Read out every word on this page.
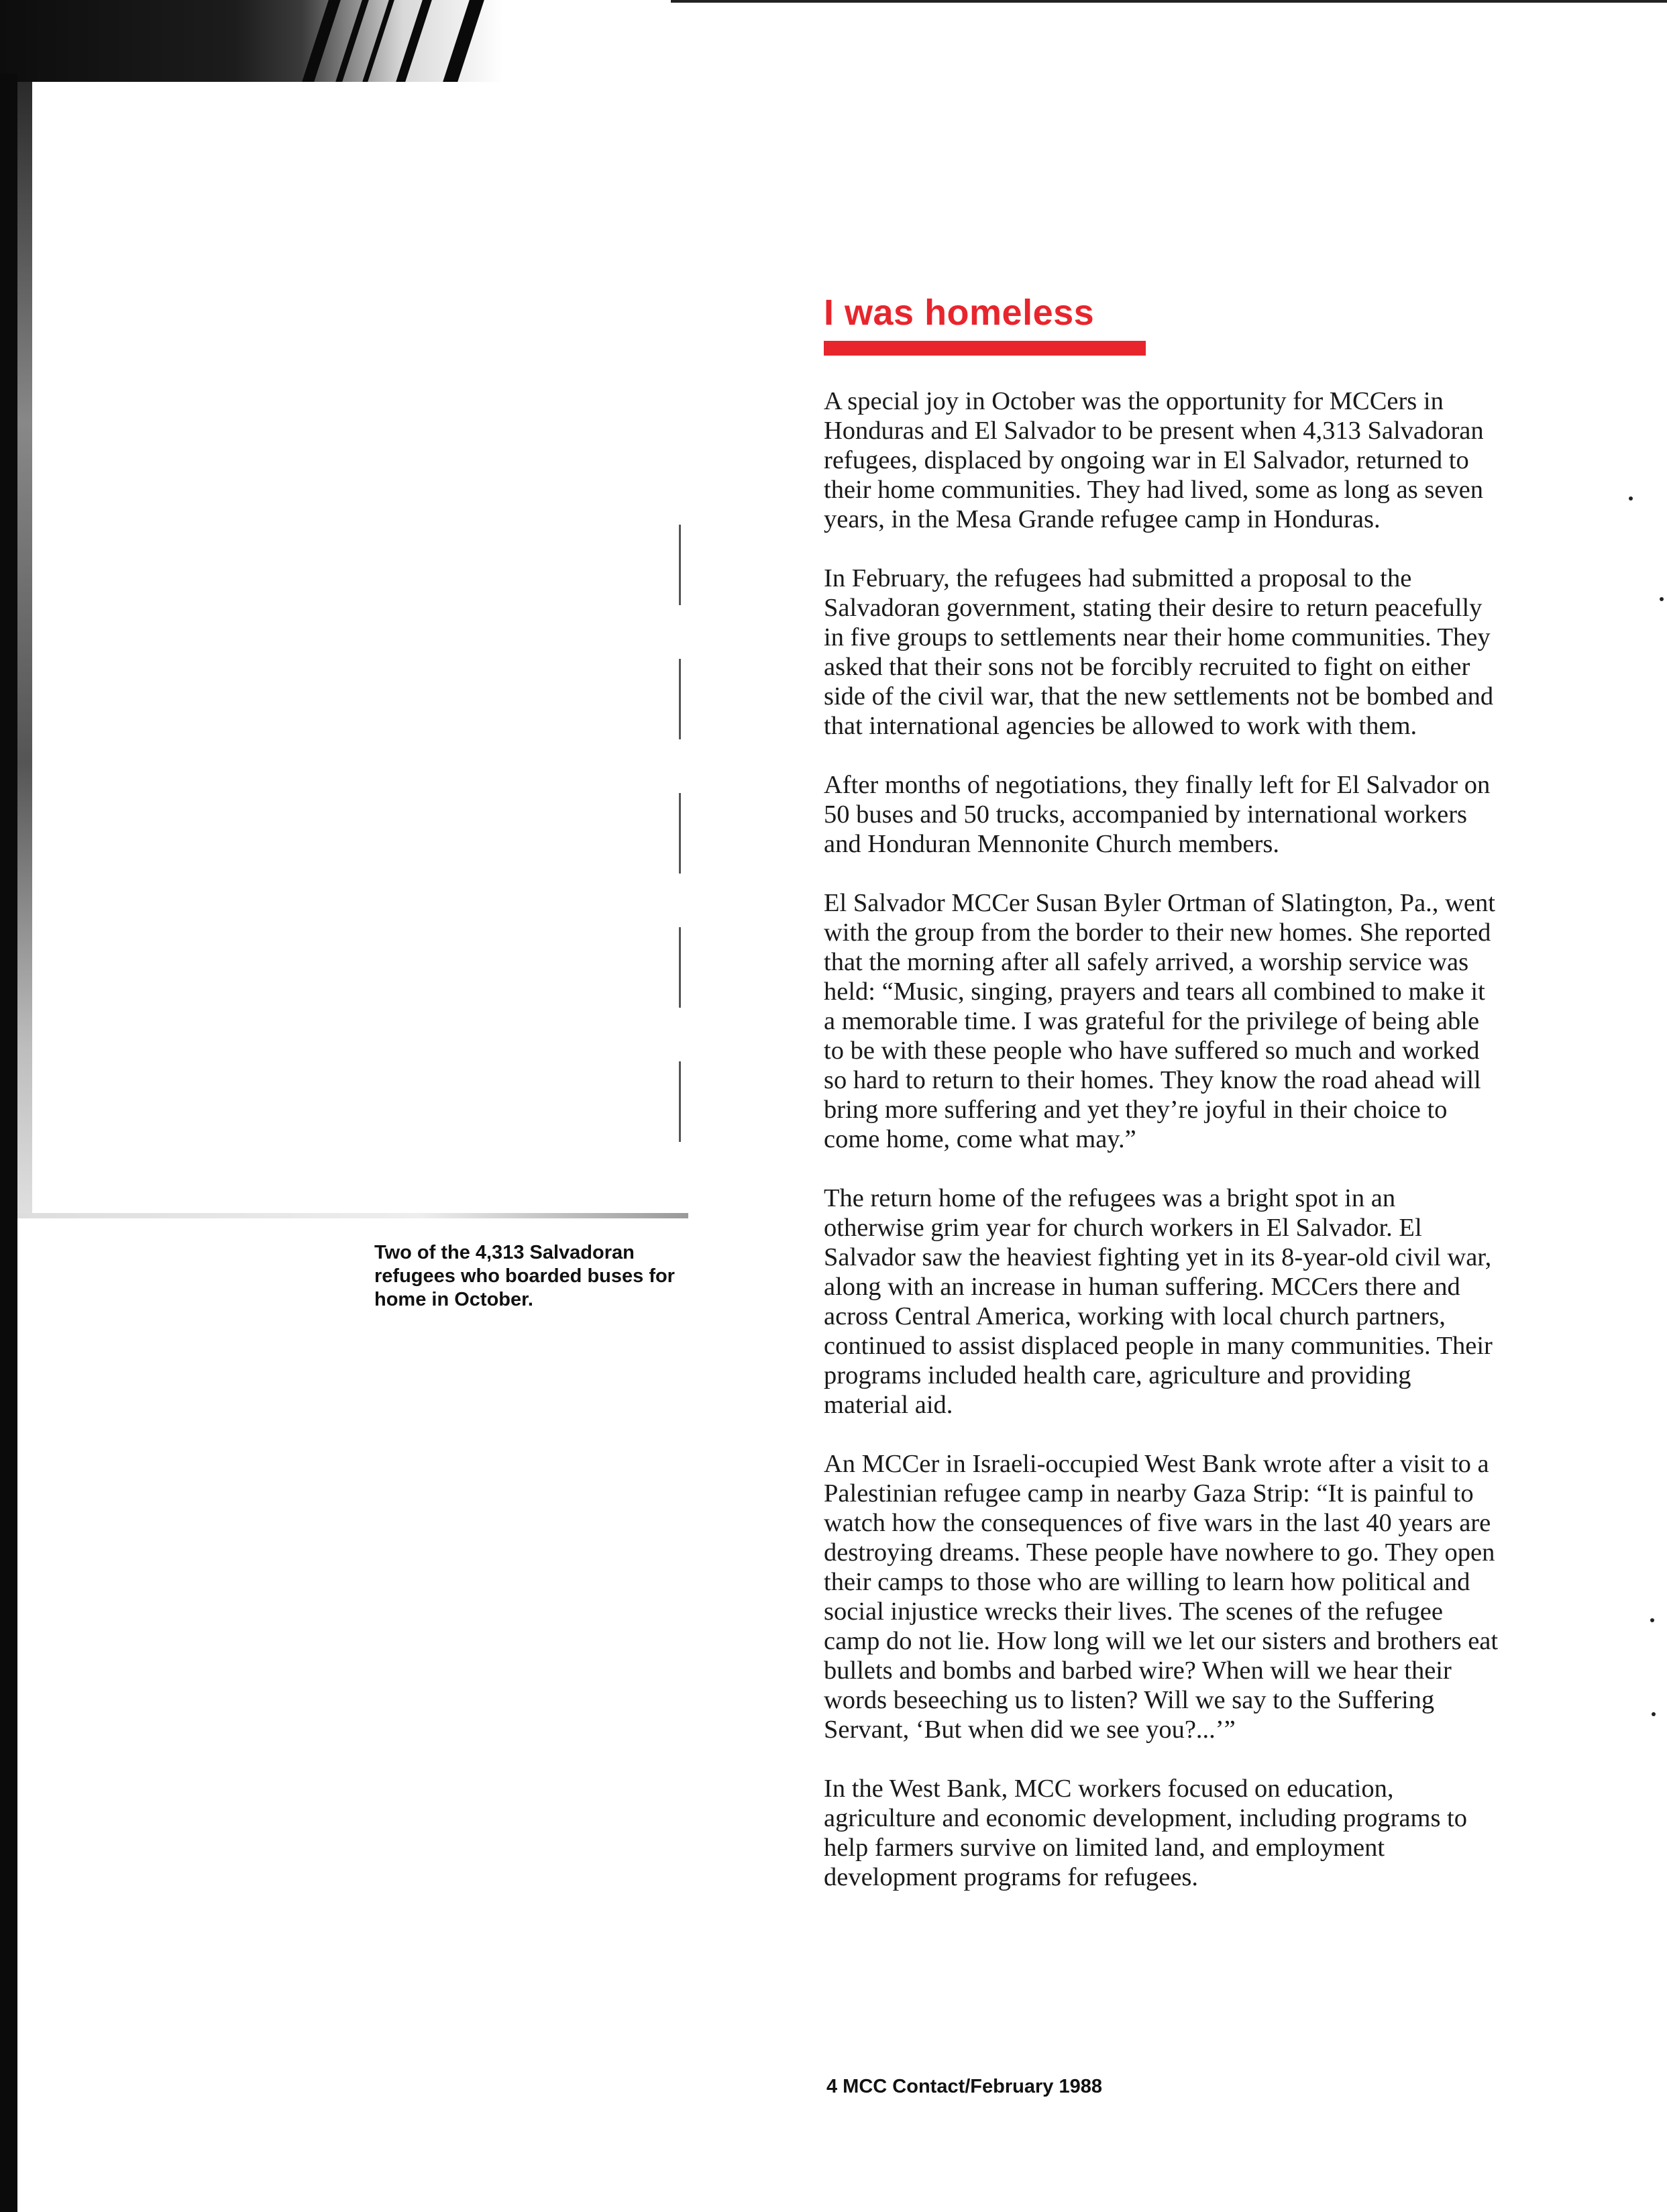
Two of the 4,313 Salvadoran refugees who boarded buses for home in October.
I was homeless

A special joy in October was the opportunity for MCCers in Honduras and El Salvador to be present when 4,313 Salvadoran refugees, displaced by ongoing war in El Salvador, returned to their home communities. They had lived, some as long as seven years, in the Mesa Grande refugee camp in Honduras.

In February, the refugees had submitted a proposal to the Salvadoran government, stating their desire to return peacefully in five groups to settlements near their home communities. They asked that their sons not be forcibly recruited to fight on either side of the civil war, that the new settlements not be bombed and that international agencies be allowed to work with them.

After months of negotiations, they finally left for El Salvador on 50 buses and 50 trucks, accompanied by international workers and Honduran Mennonite Church members.

El Salvador MCCer Susan Byler Ortman of Slatington, Pa., went with the group from the border to their new homes. She reported that the morning after all safely arrived, a worship service was held: “Music, singing, prayers and tears all combined to make it a memorable time. I was grateful for the privilege of being able to be with these people who have suffered so much and worked so hard to return to their homes. They know the road ahead will bring more suffering and yet they’re joyful in their choice to come home, come what may.”

The return home of the refugees was a bright spot in an otherwise grim year for church workers in El Salvador. El Salvador saw the heaviest fighting yet in its 8-year-old civil war, along with an increase in human suffering. MCCers there and across Central America, working with local church partners, continued to assist displaced people in many communities. Their programs included health care, agriculture and providing material aid.

An MCCer in Israeli-occupied West Bank wrote after a visit to a Palestinian refugee camp in nearby Gaza Strip: “It is painful to watch how the consequences of five wars in the last 40 years are destroying dreams. These people have nowhere to go. They open their camps to those who are willing to learn how political and social injustice wrecks their lives. The scenes of the refugee camp do not lie. How long will we let our sisters and brothers eat bullets and bombs and barbed wire? When will we hear their words beseeching us to listen? Will we say to the Suffering Servant, ‘But when did we see you?...’”

In the West Bank, MCC workers focused on education, agriculture and economic development, including programs to help farmers survive on limited land, and employment development programs for refugees.

4 MCC Contact/February 1988
